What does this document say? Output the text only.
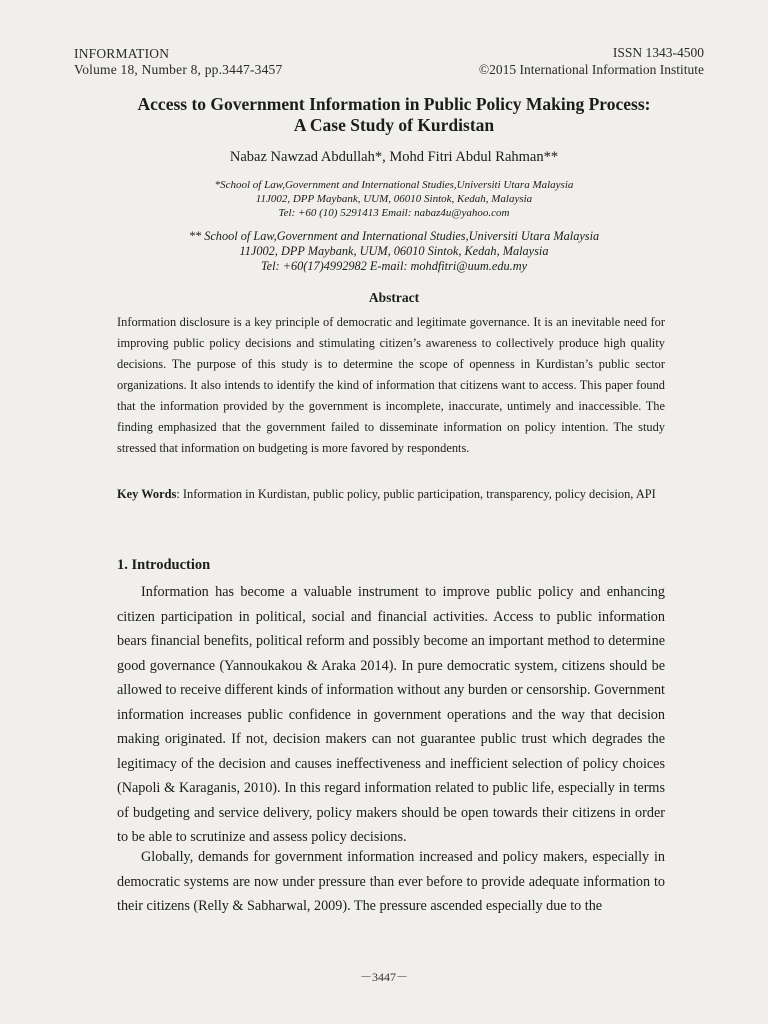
INFORMATION
Volume 18, Number 8, pp.3447-3457
ISSN 1343-4500
©2015 International Information Institute
Access to Government Information in Public Policy Making Process:
A Case Study of Kurdistan
Nabaz Nawzad Abdullah*, Mohd Fitri Abdul Rahman**
*School of Law,Government and International Studies,Universiti Utara Malaysia
11J002, DPP Maybank, UUM, 06010 Sintok, Kedah, Malaysia
Tel: +60 (10) 5291413 Email: nabaz4u@yahoo.com
** School of Law,Government and International Studies,Universiti Utara Malaysia
11J002, DPP Maybank, UUM, 06010 Sintok, Kedah, Malaysia
Tel: +60(17)4992982 E-mail: mohdfitri@uum.edu.my
Abstract
Information disclosure is a key principle of democratic and legitimate governance. It is an inevitable need for improving public policy decisions and stimulating citizen’s awareness to collectively produce high quality decisions. The purpose of this study is to determine the scope of openness in Kurdistan’s public sector organizations. It also intends to identify the kind of information that citizens want to access. This paper found that the information provided by the government is incomplete, inaccurate, untimely and inaccessible. The finding emphasized that the government failed to disseminate information on policy intention. The study stressed that information on budgeting is more favored by respondents.
Key Words: Information in Kurdistan, public policy, public participation, transparency, policy decision, API
1. Introduction

Information has become a valuable instrument to improve public policy and enhancing citizen participation in political, social and financial activities. Access to public information bears financial benefits, political reform and possibly become an important method to determine good governance (Yannoukakou & Araka 2014). In pure democratic system, citizens should be allowed to receive different kinds of information without any burden or censorship. Government information increases public confidence in government operations and the way that decision making originated. If not, decision makers can not guarantee public trust which degrades the legitimacy of the decision and causes ineffectiveness and inefficient selection of policy choices (Napoli & Karaganis, 2010). In this regard information related to public life, especially in terms of budgeting and service delivery, policy makers should be open towards their citizens in order to be able to scrutinize and assess policy decisions.

Globally, demands for government information increased and policy makers, especially in democratic systems are now under pressure than ever before to provide adequate information to their citizens (Relly & Sabharwal, 2009). The pressure ascended especially due to the

－3447－
